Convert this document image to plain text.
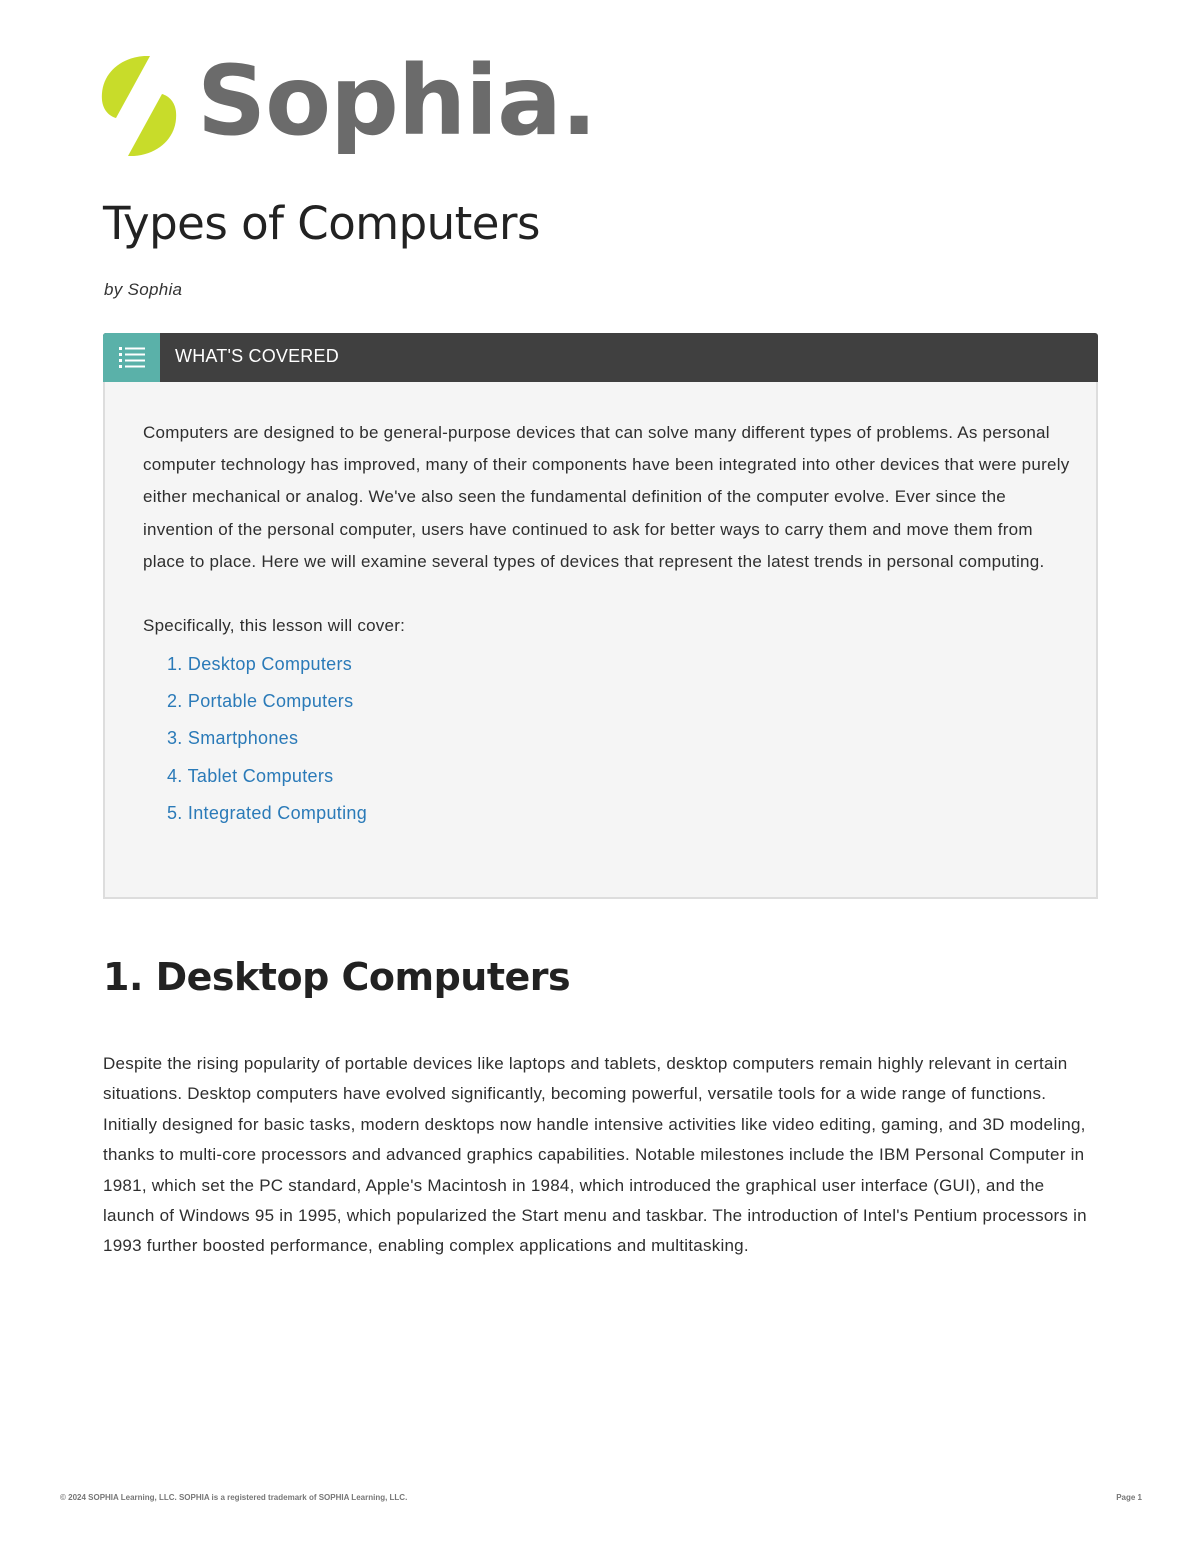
Sophia.
Types of Computers
by Sophia
WHAT'S COVERED

Computers are designed to be general-purpose devices that can solve many different types of problems. As personal computer technology has improved, many of their components have been integrated into other devices that were purely either mechanical or analog. We've also seen the fundamental definition of the computer evolve. Ever since the invention of the personal computer, users have continued to ask for better ways to carry them and move them from place to place. Here we will examine several types of devices that represent the latest trends in personal computing.

Specifically, this lesson will cover:

1. Desktop Computers
2. Portable Computers
3. Smartphones
4. Tablet Computers
5. Integrated Computing
1. Desktop Computers

Despite the rising popularity of portable devices like laptops and tablets, desktop computers remain highly relevant in certain situations. Desktop computers have evolved significantly, becoming powerful, versatile tools for a wide range of functions. Initially designed for basic tasks, modern desktops now handle intensive activities like video editing, gaming, and 3D modeling, thanks to multi-core processors and advanced graphics capabilities. Notable milestones include the IBM Personal Computer in 1981, which set the PC standard, Apple's Macintosh in 1984, which introduced the graphical user interface (GUI), and the launch of Windows 95 in 1995, which popularized the Start menu and taskbar. The introduction of Intel's Pentium processors in 1993 further boosted performance, enabling complex applications and multitasking.

© 2024 SOPHIA Learning, LLC. SOPHIA is a registered trademark of SOPHIA Learning, LLC.	Page 1
